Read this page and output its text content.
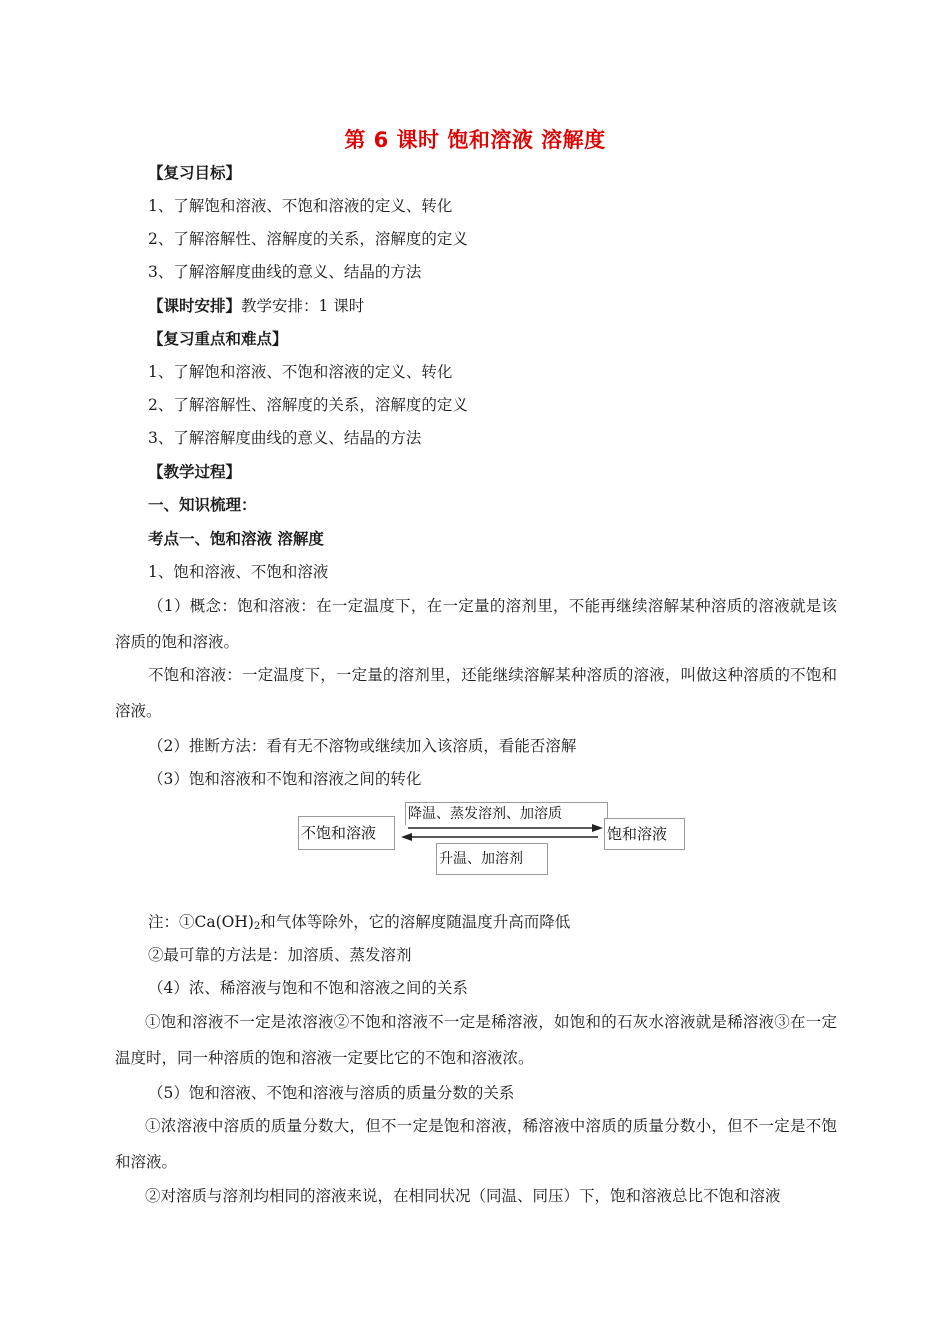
第 6 课时 饱和溶液 溶解度
【复习目标】
1、了解饱和溶液、不饱和溶液的定义、转化
2、了解溶解性、溶解度的关系，溶解度的定义
3、了解溶解度曲线的意义、结晶的方法
【课时安排】教学安排：1 课时
【复习重点和难点】
1、了解饱和溶液、不饱和溶液的定义、转化
2、了解溶解性、溶解度的关系，溶解度的定义
3、了解溶解度曲线的意义、结晶的方法
【教学过程】
一、知识梳理：
考点一、饱和溶液 溶解度
1、饱和溶液、不饱和溶液
（1）概念：饱和溶液：在一定温度下，在一定量的溶剂里，不能再继续溶解某种溶质的溶液就是该溶质的饱和溶液。
不饱和溶液：一定温度下，一定量的溶剂里，还能继续溶解某种溶质的溶液，叫做这种溶质的不饱和溶液。
（2）推断方法：看有无不溶物或继续加入该溶质，看能否溶解
（3）饱和溶液和不饱和溶液之间的转化
不饱和溶液
降温、蒸发溶剂、加溶质
饱和溶液
升温、加溶剂
注：$①Ca(OH)_2$和气体等除外，它的溶解度随温度升高而降低
②最可靠的方法是：加溶质、蒸发溶剂
（4）浓、稀溶液与饱和不饱和溶液之间的关系
①饱和溶液不一定是浓溶液②不饱和溶液不一定是稀溶液，如饱和的石灰水溶液就是稀溶液③在一定温度时，同一种溶质的饱和溶液一定要比它的不饱和溶液浓。
（5）饱和溶液、不饱和溶液与溶质的质量分数的关系
①浓溶液中溶质的质量分数大，但不一定是饱和溶液，稀溶液中溶质的质量分数小，但不一定是不饱和溶液。
②对溶质与溶剂均相同的溶液来说，在相同状况（同温、同压）下，饱和溶液总比不饱和溶液
